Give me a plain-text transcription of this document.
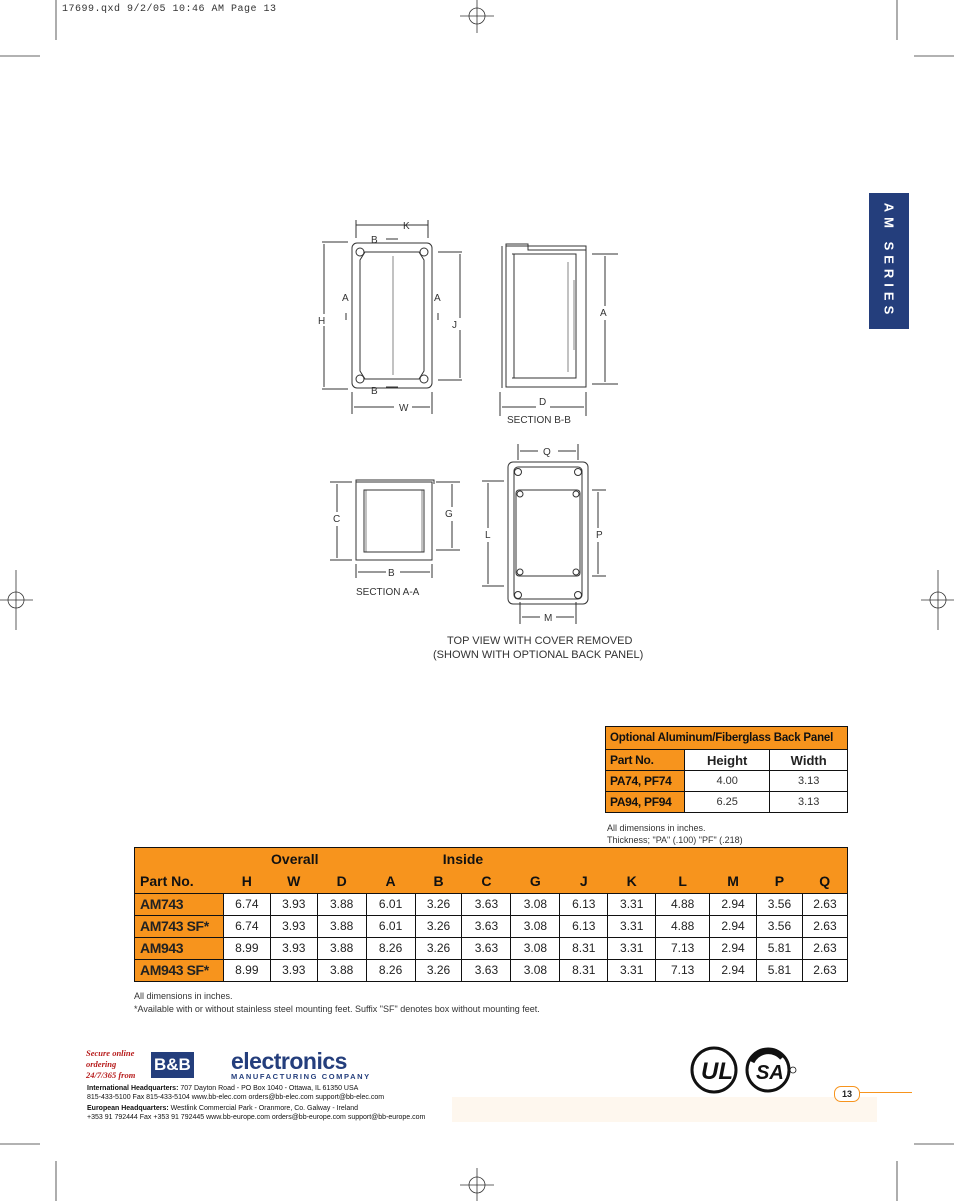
17699.qxd 9/2/05 10:46 AM Page 13
AM SERIES
K
B
A	A
H	J
B
W
A
D
SECTION B-B
C	G
B
SECTION A-A
Q
L	P
M
TOP VIEW WITH COVER REMOVED
(SHOWN WITH OPTIONAL BACK PANEL)
Optional Aluminum/Fiberglass Back Panel		
Part No.	Height	Width
PA74, PF74	4.00	3.13
PA94, PF94	6.25	3.13
All dimensions in inches.
Thickness; "PA" (.100) "PF" (.218)
	Overall			Inside									
Part No.	H	W	D	A	B	C	G	J	K	L	M	P	Q
AM743	6.74	3.93	3.88	6.01	3.26	3.63	3.08	6.13	3.31	4.88	2.94	3.56	2.63
AM743 SF*	6.74	3.93	3.88	6.01	3.26	3.63	3.08	6.13	3.31	4.88	2.94	3.56	2.63
AM943	8.99	3.93	3.88	8.26	3.26	3.63	3.08	8.31	3.31	7.13	2.94	5.81	2.63
AM943 SF*	8.99	3.93	3.88	8.26	3.26	3.63	3.08	8.31	3.31	7.13	2.94	5.81	2.63
All dimensions in inches.
*Available with or without stainless steel mounting feet. Suffix "SF" denotes box without mounting feet.
Secure online
ordering
24/7/365 from
B&B electronics
MANUFACTURING COMPANY
International Headquarters: 707 Dayton Road - PO Box 1040 - Ottawa, IL 61350 USA
815-433-5100 Fax 815-433-5104 www.bb-elec.com orders@bb-elec.com support@bb-elec.com
European Headquarters: Westlink Commercial Park - Oranmore, Co. Galway - Ireland
+353 91 792444 Fax +353 91 792445 www.bb-europe.com orders@bb-europe.com support@bb-europe.com
UL SA
13
